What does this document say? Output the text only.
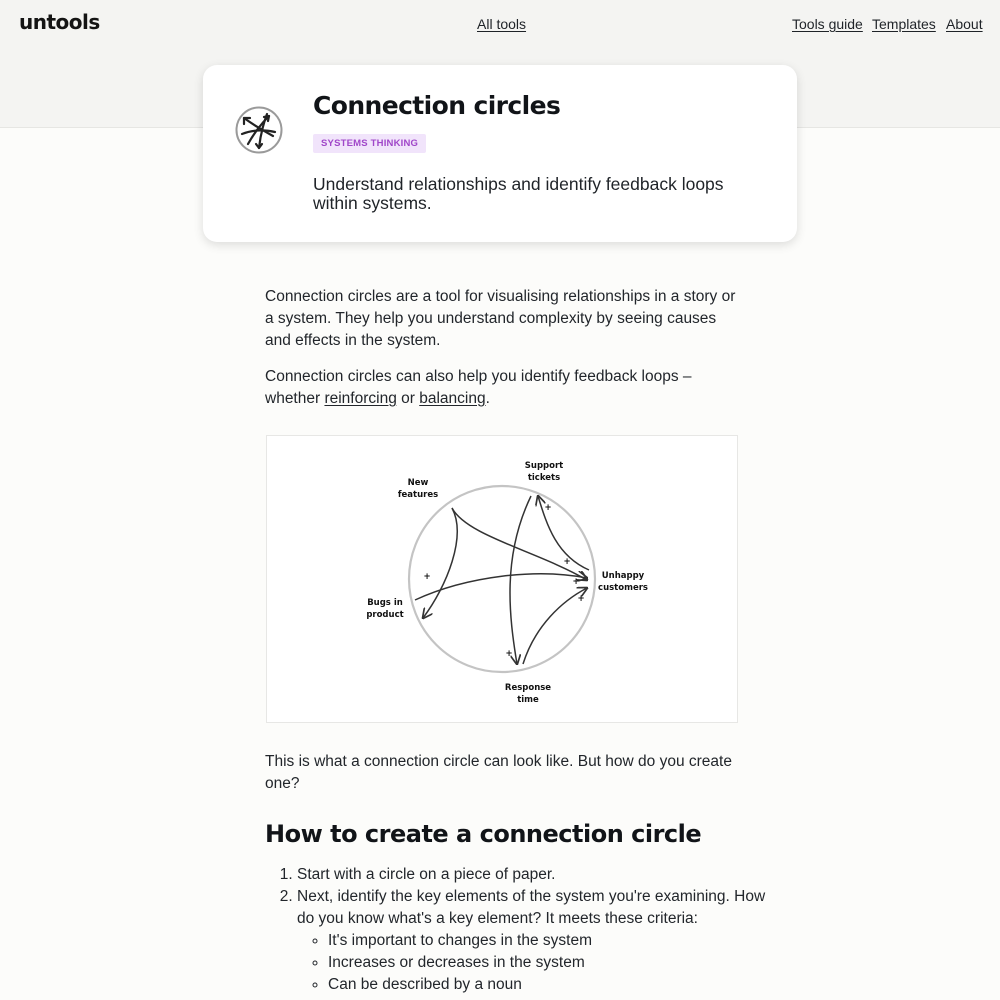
untools	All tools	Tools guide Templates About
Connection circles
SYSTEMS THINKING

Understand relationships and identify feedback loops within systems.

Connection circles are a tool for visualising relationships in a story or a system. They help you understand complexity by seeing causes and effects in the system.

Connection circles can also help you identify feedback loops – whether reinforcing or balancing.

Support
tickets
New
features
Unhappy
customers
Bugs in
product
Response
time
+
+	+
+
+
+

This is what a connection circle can look like. But how do you create one?

How to create a connection circle
1. Start with a circle on a piece of paper.
2. Next, identify the key elements of the system you're examining. How do you know what's a key element? It meets these criteria:
◦ It's important to changes in the system
◦ Increases or decreases in the system
◦ Can be described by a noun
